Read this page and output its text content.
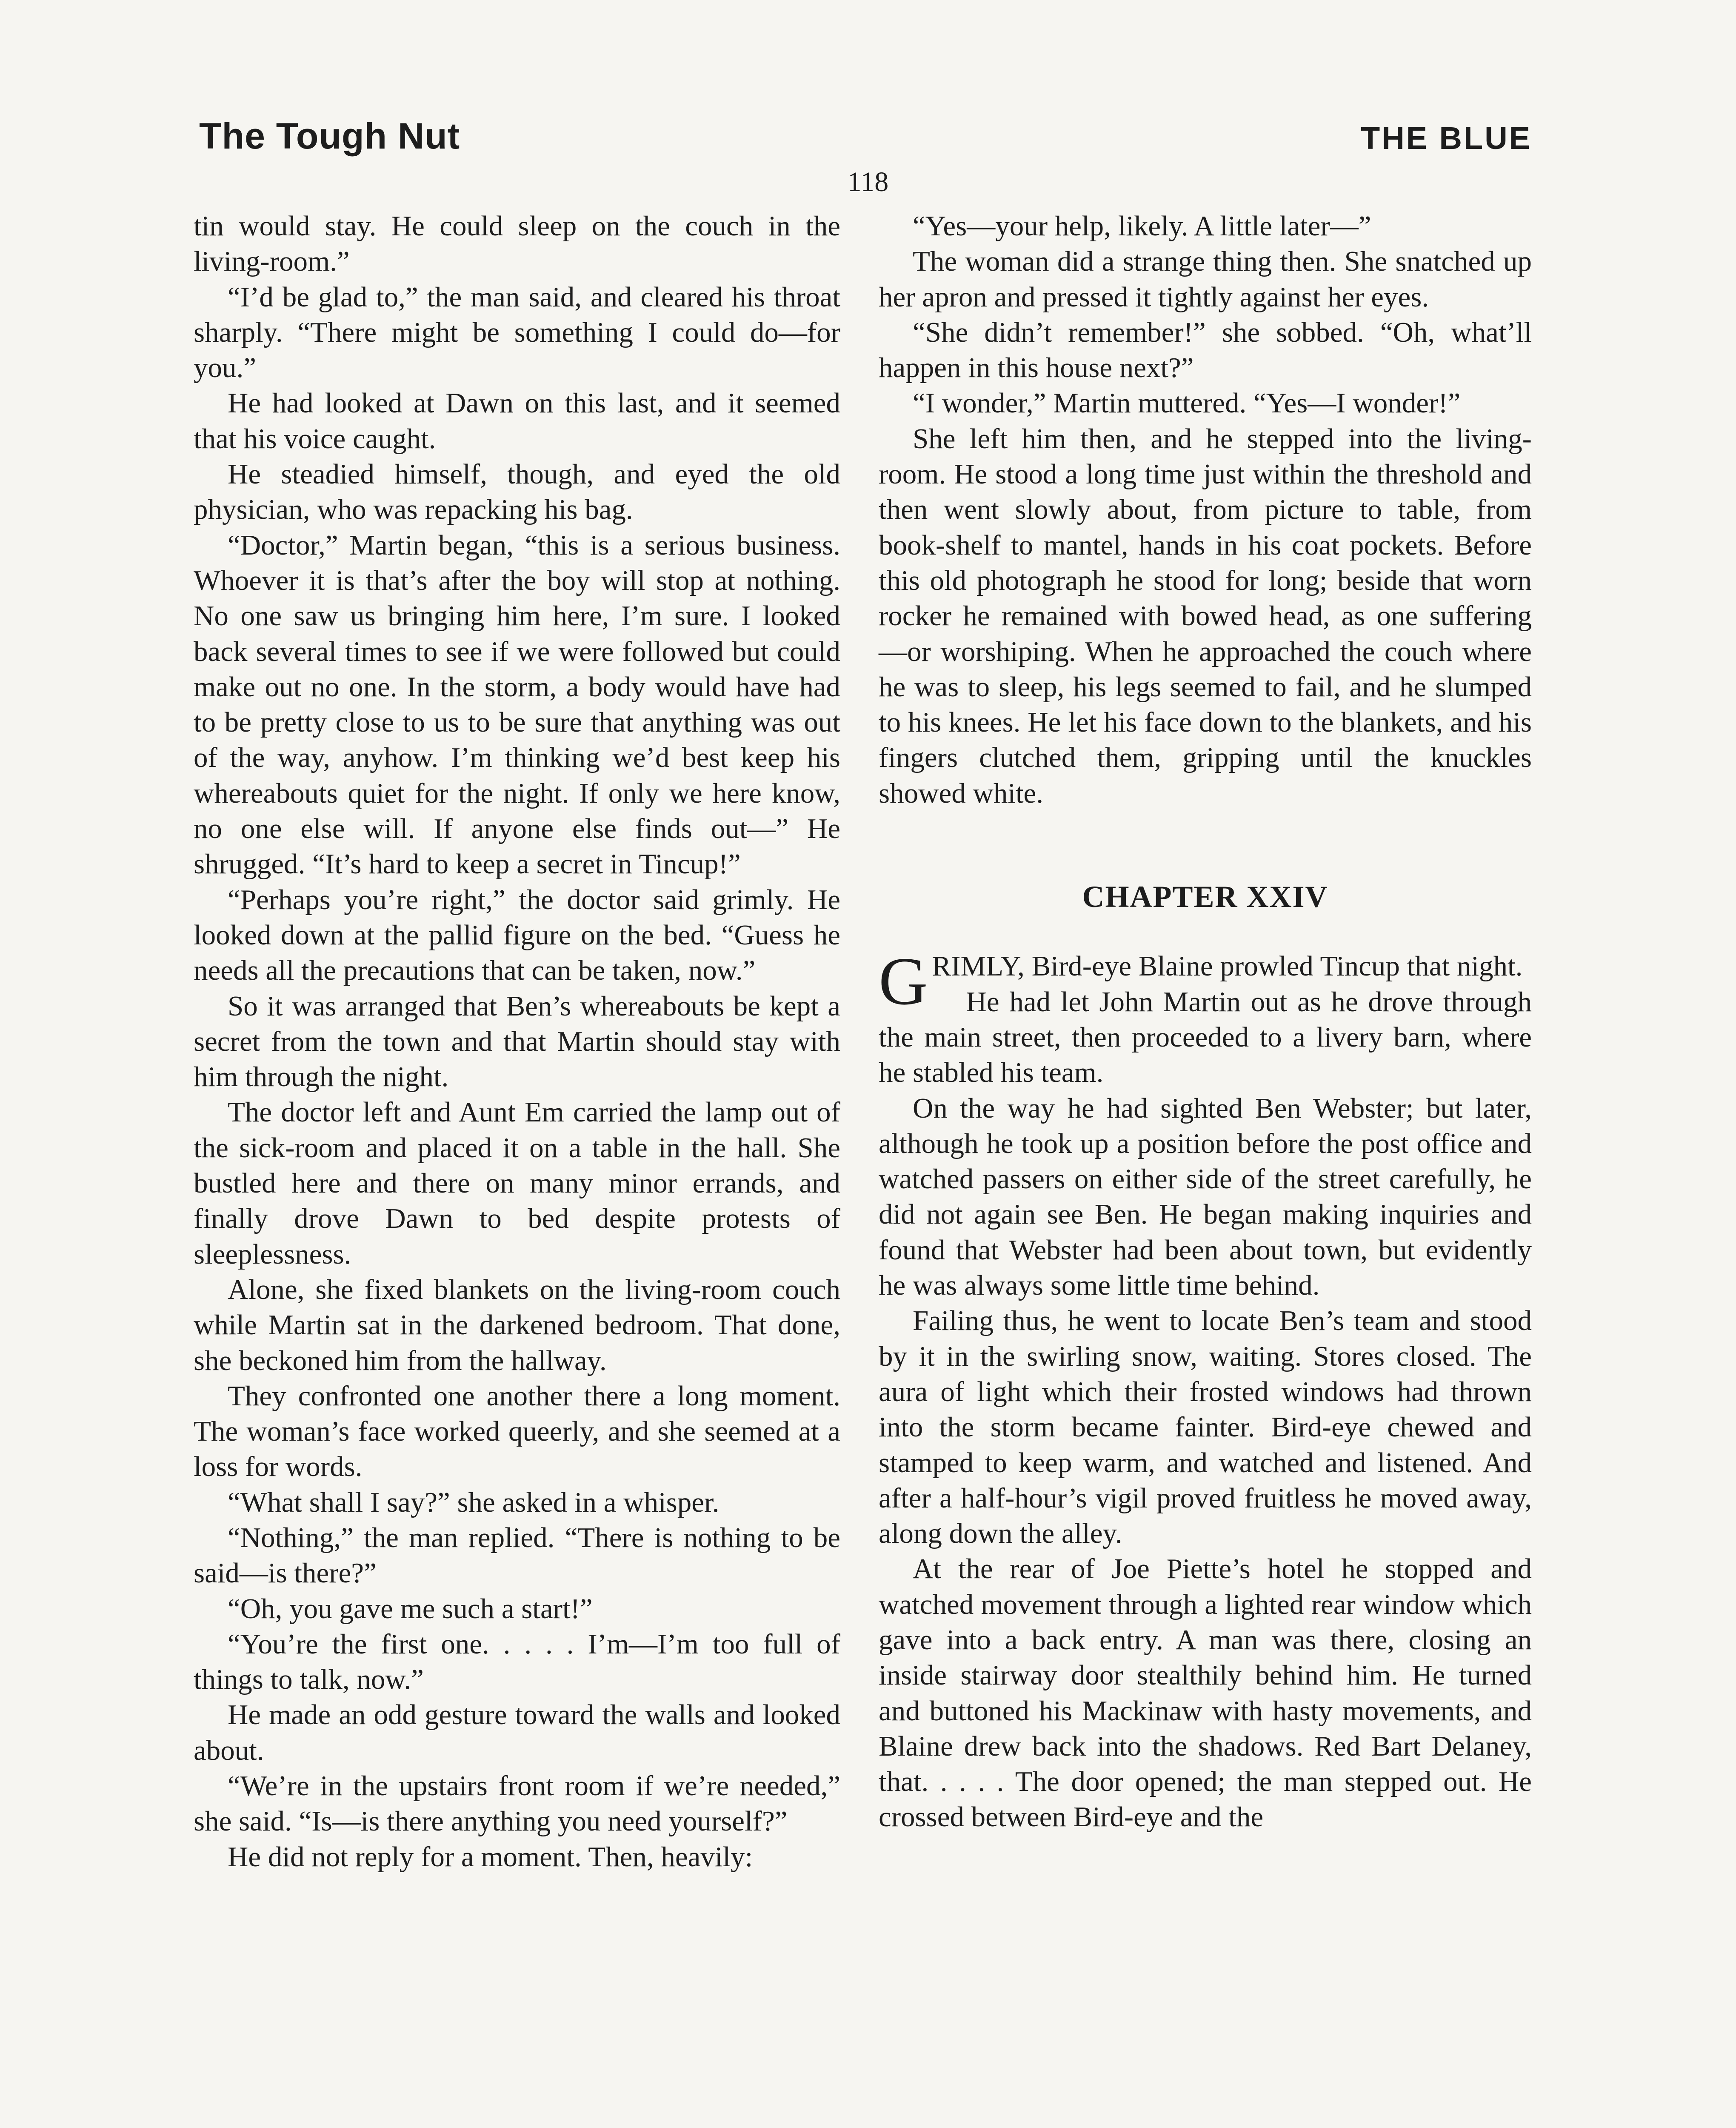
The Tough Nut	THE BLUE
118

tin would stay. He could sleep on the couch in the living-room.”

“I’d be glad to,” the man said, and cleared his throat sharply. “There might be something I could do—for you.”

He had looked at Dawn on this last, and it seemed that his voice caught.

He steadied himself, though, and eyed the old physician, who was repacking his bag.

“Doctor,” Martin began, “this is a serious business. Whoever it is that’s after the boy will stop at nothing. No one saw us bringing him here, I’m sure. I looked back several times to see if we were followed but could make out no one. In the storm, a body would have had to be pretty close to us to be sure that anything was out of the way, anyhow. I’m thinking we’d best keep his whereabouts quiet for the night. If only we here know, no one else will. If anyone else finds out—” He shrugged. “It’s hard to keep a secret in Tincup!”

“Perhaps you’re right,” the doctor said grimly. He looked down at the pallid figure on the bed. “Guess he needs all the precautions that can be taken, now.”

So it was arranged that Ben’s whereabouts be kept a secret from the town and that Martin should stay with him through the night.

The doctor left and Aunt Em carried the lamp out of the sick-room and placed it on a table in the hall. She bustled here and there on many minor errands, and finally drove Dawn to bed despite protests of sleeplessness.

Alone, she fixed blankets on the living-room couch while Martin sat in the darkened bedroom. That done, she beckoned him from the hallway.

They confronted one another there a long moment. The woman’s face worked queerly, and she seemed at a loss for words.

“What shall I say?” she asked in a whisper.

“Nothing,” the man replied. “There is nothing to be said—is there?”

“Oh, you gave me such a start!”

“You’re the first one. . . . . I’m—I’m too full of things to talk, now.”

He made an odd gesture toward the walls and looked about.

“We’re in the upstairs front room if we’re needed,” she said. “Is—is there anything you need yourself?”

He did not reply for a moment. Then, heavily:

“Yes—your help, likely. A little later—”

The woman did a strange thing then. She snatched up her apron and pressed it tightly against her eyes.

“She didn’t remember!” she sobbed. “Oh, what’ll happen in this house next?”

“I wonder,” Martin muttered. “Yes—I wonder!”

She left him then, and he stepped into the living-room. He stood a long time just within the threshold and then went slowly about, from picture to table, from book-shelf to mantel, hands in his coat pockets. Before this old photograph he stood for long; beside that worn rocker he remained with bowed head, as one suffering —or worshiping. When he approached the couch where he was to sleep, his legs seemed to fail, and he slumped to his knees. He let his face down to the blankets, and his fingers clutched them, gripping until the knuckles showed white.

CHAPTER XXIV

GRIMLY, Bird-eye Blaine prowled Tincup that night.

He had let John Martin out as he drove through the main street, then proceeded to a livery barn, where he stabled his team.

On the way he had sighted Ben Webster; but later, although he took up a position before the post office and watched passers on either side of the street carefully, he did not again see Ben. He began making inquiries and found that Webster had been about town, but evidently he was always some little time behind.

Failing thus, he went to locate Ben’s team and stood by it in the swirling snow, waiting. Stores closed. The aura of light which their frosted windows had thrown into the storm became fainter. Bird-eye chewed and stamped to keep warm, and watched and listened. And after a half-hour’s vigil proved fruitless he moved away, along down the alley.

At the rear of Joe Piette’s hotel he stopped and watched movement through a lighted rear window which gave into a back entry. A man was there, closing an inside stairway door stealthily behind him. He turned and buttoned his Mackinaw with hasty movements, and Blaine drew back into the shadows. Red Bart Delaney, that. . . . . The door opened; the man stepped out. He crossed between Bird-eye and the
